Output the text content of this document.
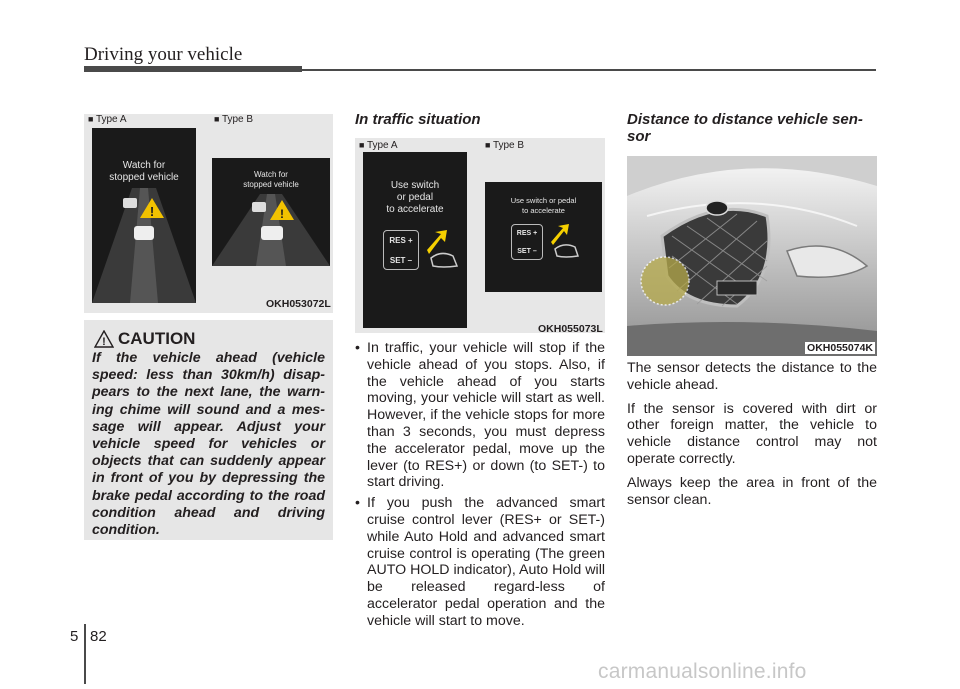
Driving your vehicle
■ Type A	■ Type B
Watch for
stopped vehicle
!
Watch for
stopped vehicle
!
OKH053072L
! CAUTION
If the vehicle ahead (vehicle speed: less than 30km/h) disap-pears to the next lane, the warn-ing chime will sound and a mes-sage will appear. Adjust your vehicle speed for vehicles or objects that can suddenly appear in front of you by depressing the brake pedal according to the road condition ahead and driving condition.
In traffic situation
■ Type A	■ Type B
Use switch
or pedal
to accelerate
RES +
SET –
Use switch or pedal
to accelerate
RES +
SET –
OKH055073L
• In traffic, your vehicle will stop if the vehicle ahead of you stops. Also, if the vehicle ahead of you starts moving, your vehicle will start as well. However, if the vehicle stops for more than 3 seconds, you must depress the accelerator pedal, move up the lever (to RES+) or down (to SET-) to start driving.
• If you push the advanced smart cruise control lever (RES+ or SET-) while Auto Hold and advanced smart cruise control is operating (The green AUTO HOLD indicator), Auto Hold will be released regard-less of accelerator pedal operation and the vehicle will start to move.
Distance to distance vehicle sen-sor
OKH055074K

The sensor detects the distance to the vehicle ahead.

If the sensor is covered with dirt or other foreign matter, the vehicle to vehicle distance control may not operate correctly.

Always keep the area in front of the sensor clean.

5 82
carmanualsonline.info
